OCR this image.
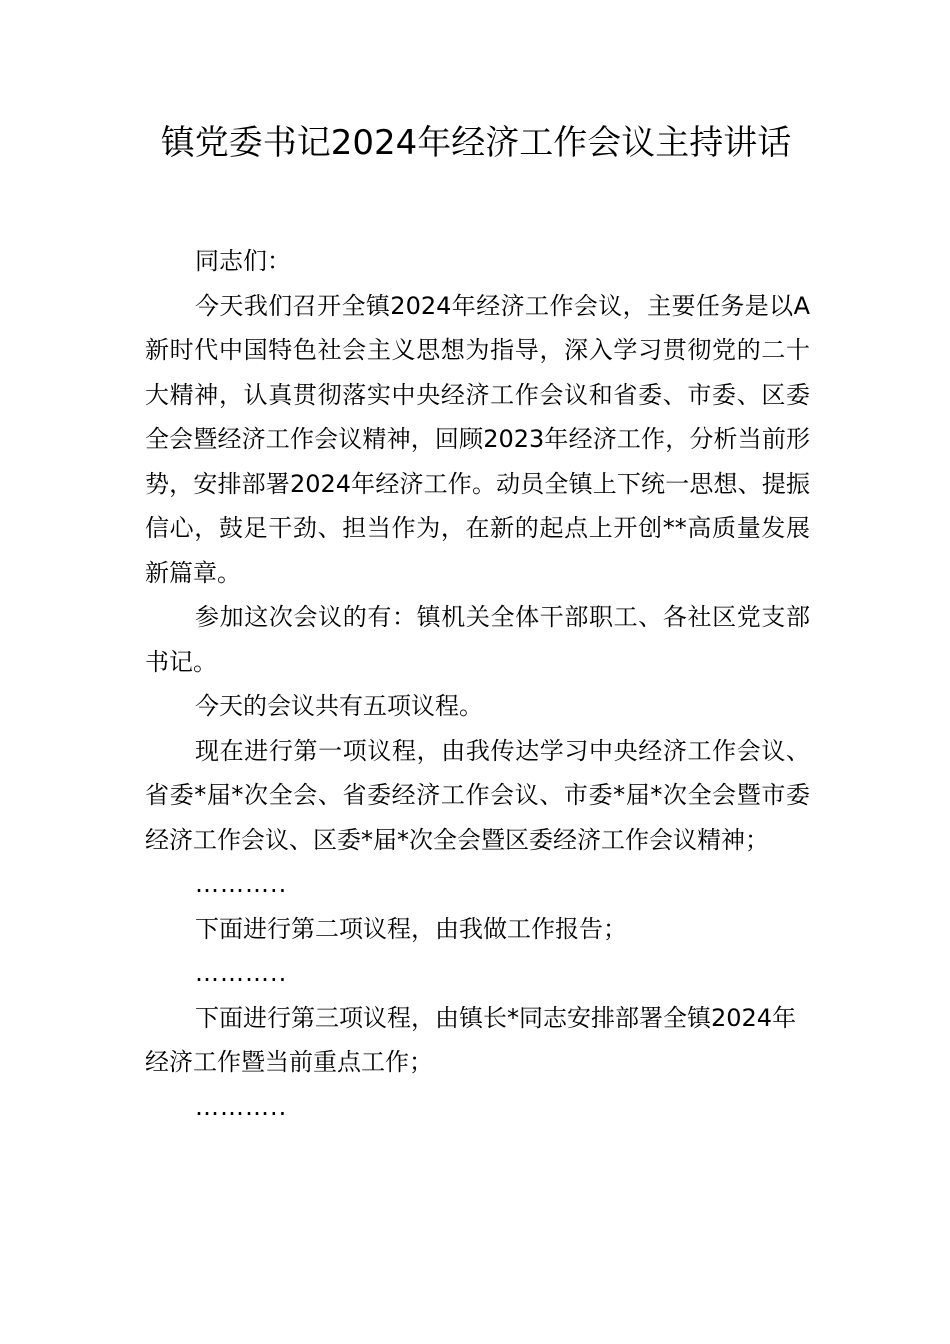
镇党委书记2024年经济工作会议主持讲话

同志们：

今天我们召开全镇2024年经济工作会议，主要任务是以A新时代中国特色社会主义思想为指导，深入学习贯彻党的二十大精神，认真贯彻落实中央经济工作会议和省委、市委、区委全会暨经济工作会议精神，回顾2023年经济工作，分析当前形势，安排部署2024年经济工作。动员全镇上下统一思想、提振信心，鼓足干劲、担当作为，在新的起点上开创**高质量发展新篇章。

参加这次会议的有：镇机关全体干部职工、各社区党支部书记。

今天的会议共有五项议程。

现在进行第一项议程，由我传达学习中央经济工作会议、省委*届*次全会、省委经济工作会议、市委*届*次全会暨市委经济工作会议、区委*届*次全会暨区委经济工作会议精神；

………..

下面进行第二项议程，由我做工作报告；

………..

下面进行第三项议程，由镇长*同志安排部署全镇2024年经济工作暨当前重点工作；

………..
